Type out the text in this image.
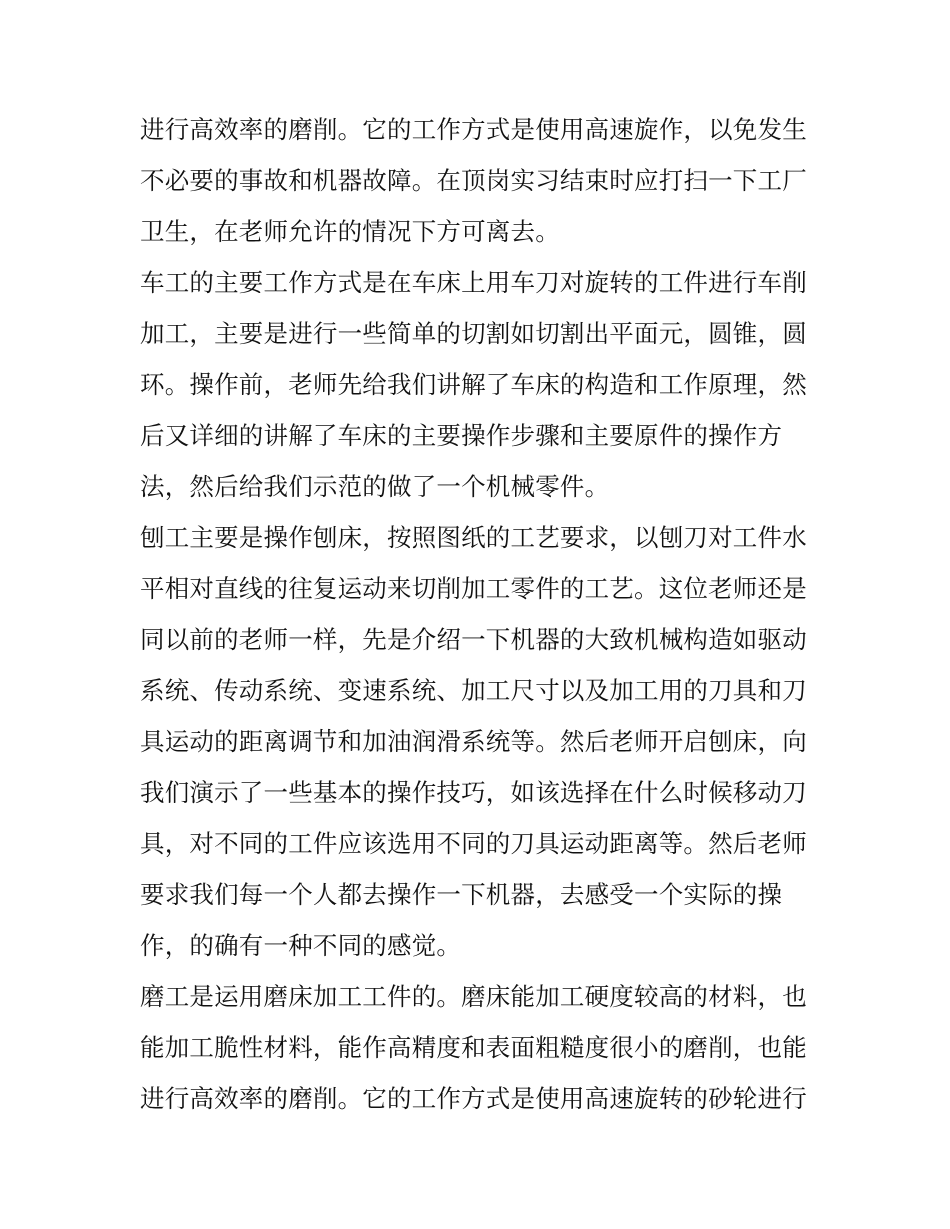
进行高效率的磨削。它的工作方式是使用高速旋作，以免发生
不必要的事故和机器故障。在顶岗实习结束时应打扫一下工厂
卫生，在老师允许的情况下方可离去。
车工的主要工作方式是在车床上用车刀对旋转的工件进行车削
加工，主要是进行一些简单的切割如切割出平面元，圆锥，圆
环。操作前，老师先给我们讲解了车床的构造和工作原理，然
后又详细的讲解了车床的主要操作步骤和主要原件的操作方
法，然后给我们示范的做了一个机械零件。
刨工主要是操作刨床，按照图纸的工艺要求，以刨刀对工件水
平相对直线的往复运动来切削加工零件的工艺。这位老师还是
同以前的老师一样，先是介绍一下机器的大致机械构造如驱动
系统、传动系统、变速系统、加工尺寸以及加工用的刀具和刀
具运动的距离调节和加油润滑系统等。然后老师开启刨床，向
我们演示了一些基本的操作技巧，如该选择在什么时候移动刀
具，对不同的工件应该选用不同的刀具运动距离等。然后老师
要求我们每一个人都去操作一下机器，去感受一个实际的操
作，的确有一种不同的感觉。
磨工是运用磨床加工工件的。磨床能加工硬度较高的材料，也
能加工脆性材料，能作高精度和表面粗糙度很小的磨削，也能
进行高效率的磨削。它的工作方式是使用高速旋转的砂轮进行
